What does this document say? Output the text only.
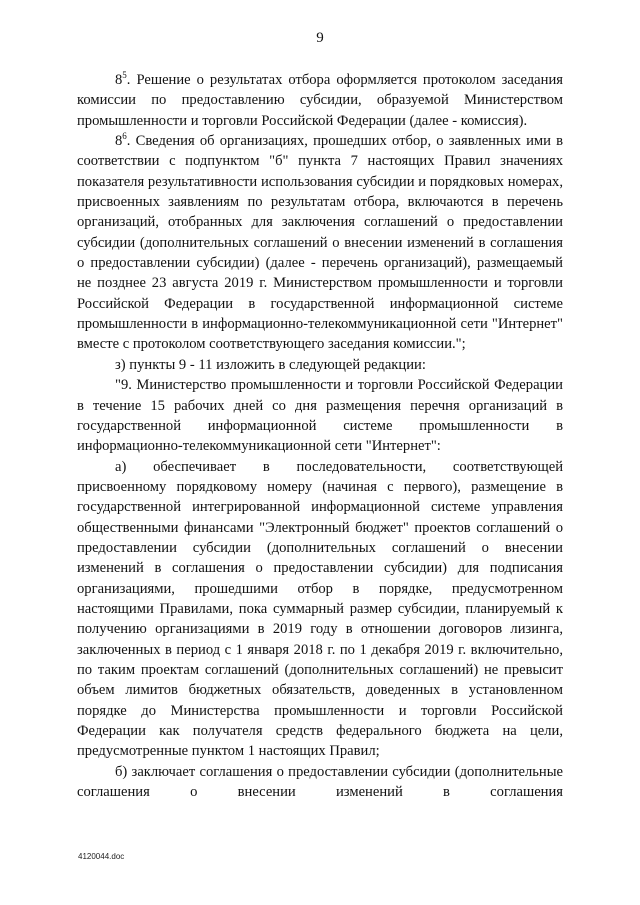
9

$8^5$. Решение о результатах отбора оформляется протоколом заседания комиссии по предоставлению субсидии, образуемой Министерством промышленности и торговли Российской Федерации (далее - комиссия).

$8^6$. Сведения об организациях, прошедших отбор, о заявленных ими в соответствии с подпунктом "б" пункта 7 настоящих Правил значениях показателя результативности использования субсидии и порядковых номерах, присвоенных заявлениям по результатам отбора, включаются в перечень организаций, отобранных для заключения соглашений о предоставлении субсидии (дополнительных соглашений о внесении изменений в соглашения о предоставлении субсидии) (далее - перечень организаций), размещаемый не позднее 23 августа 2019 г. Министерством промышленности и торговли Российской Федерации в государственной информационной системе промышленности в информационно-телекоммуникационной сети "Интернет" вместе с протоколом соответствующего заседания комиссии.";

з) пункты 9 - 11 изложить в следующей редакции:

"9. Министерство промышленности и торговли Российской Федерации в течение 15 рабочих дней со дня размещения перечня организаций в государственной информационной системе промышленности в информационно-телекоммуникационной сети "Интернет":

а) обеспечивает в последовательности, соответствующей присвоенному порядковому номеру (начиная с первого), размещение в государственной интегрированной информационной системе управления общественными финансами "Электронный бюджет" проектов соглашений о предоставлении субсидии (дополнительных соглашений о внесении изменений в соглашения о предоставлении субсидии) для подписания организациями, прошедшими отбор в порядке, предусмотренном настоящими Правилами, пока суммарный размер субсидии, планируемый к получению организациями в 2019 году в отношении договоров лизинга, заключенных в период с 1 января 2018 г. по 1 декабря 2019 г. включительно, по таким проектам соглашений (дополнительных соглашений) не превысит объем лимитов бюджетных обязательств, доведенных в установленном порядке до Министерства промышленности и торговли Российской Федерации как получателя средств федерального бюджета на цели, предусмотренные пунктом 1 настоящих Правил;

б) заключает соглашения о предоставлении субсидии (дополнительные соглашения о внесении изменений в соглашения

4120044.doc
